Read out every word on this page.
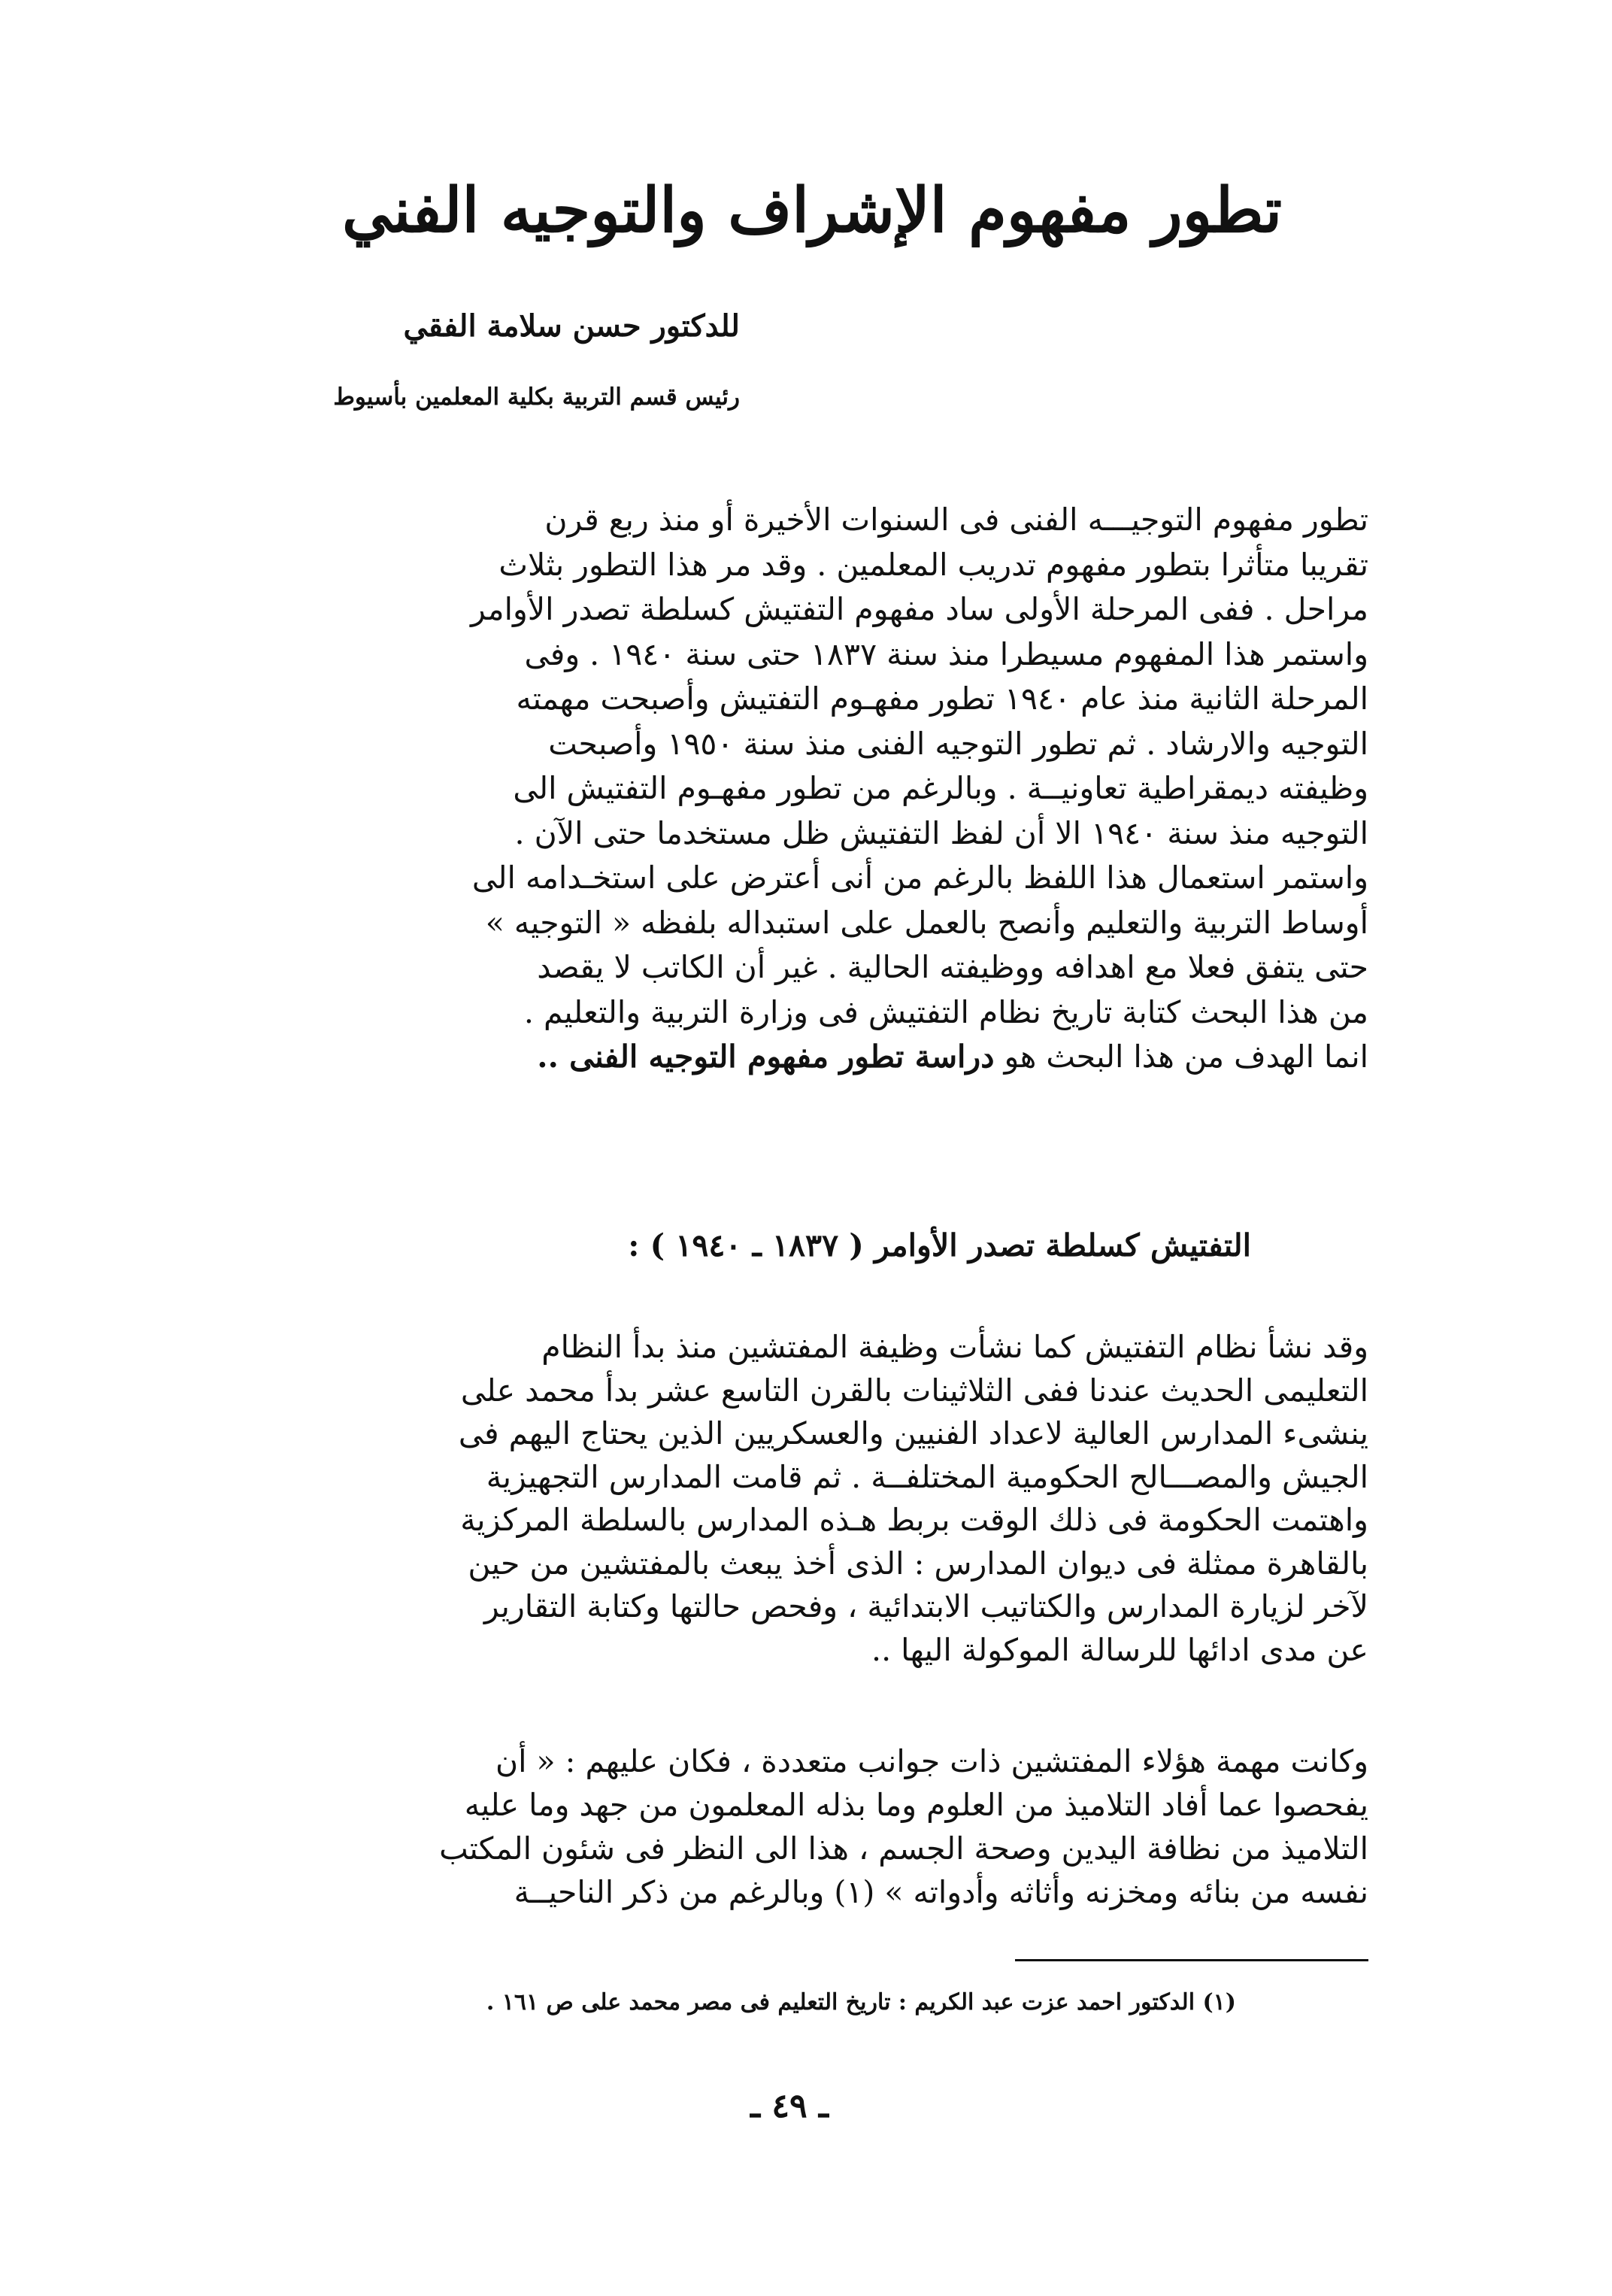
تطور مفهوم الإشراف والتوجيه الفني
للدكتور حسن سلامة الفقي
رئيس قسم التربية بكلية المعلمين بأسيوط
تطور مفهوم التوجيـــه الفنى فى السنوات الأخيرة أو منذ ربع قرن
تقريبا متأثرا بتطور مفهوم تدريب المعلمين . وقد مر هذا التطور بثلاث
مراحل . ففى المرحلة الأولى ساد مفهوم التفتيش كسلطة تصدر الأوامر
واستمر هذا المفهوم مسيطرا منذ سنة ١٨٣٧ حتى سنة ١٩٤٠ . وفى
المرحلة الثانية منذ عام ١٩٤٠ تطور مفهـوم التفتيش وأصبحت مهمته
التوجيه والارشاد . ثم تطور التوجيه الفنى منذ سنة ١٩٥٠ وأصبحت
وظيفته ديمقراطية تعاونيــة . وبالرغم من تطور مفهـوم التفتيش الى
التوجيه منذ سنة ١٩٤٠ الا أن لفظ التفتيش ظل مستخدما حتى الآن .
واستمر استعمال هذا اللفظ بالرغم من أنى أعترض على استخـدامه الى
أوساط التربية والتعليم وأنصح بالعمل على استبداله بلفظه « التوجيه »
حتى يتفق فعلا مع اهدافه ووظيفته الحالية . غير أن الكاتب لا يقصد
من هذا البحث كتابة تاريخ نظام التفتيش فى وزارة التربية والتعليم .
انما الهدف من هذا البحث هو دراسة تطور مفهوم التوجيه الفنى ..
التفتيش كسلطة تصدر الأوامر ( ١٨٣٧ ـ ١٩٤٠ ) :
وقد نشأ نظام التفتيش كما نشأت وظيفة المفتشين منذ بدأ النظام
التعليمى الحديث عندنا ففى الثلاثينات بالقرن التاسع عشر بدأ محمد على
ينشىء المدارس العالية لاعداد الفنيين والعسكريين الذين يحتاج اليهم فى
الجيش والمصـــالح الحكومية المختلفــة . ثم قامت المدارس التجهيزية
واهتمت الحكومة فى ذلك الوقت بربط هـذه المدارس بالسلطة المركزية
بالقاهرة ممثلة فى ديوان المدارس : الذى أخذ يبعث بالمفتشين من حين
لآخر لزيارة المدارس والكتاتيب الابتدائية ، وفحص حالتها وكتابة التقارير
عن مدى ادائها للرسالة الموكولة اليها ..
وكانت مهمة هؤلاء المفتشين ذات جوانب متعددة ، فكان عليهم : « أن
يفحصوا عما أفاد التلاميذ من العلوم وما بذله المعلمون من جهد وما عليه
التلاميذ من نظافة اليدين وصحة الجسم ، هذا الى النظر فى شئون المكتب
نفسه من بنائه ومخزنه وأثاثه وأدواته » (١) وبالرغم من ذكر الناحيــة
(١) الدكتور احمد عزت عبد الكريم : تاريخ التعليم فى مصر محمد على ص ١٦١ .
ـ ٤٩ ـ
